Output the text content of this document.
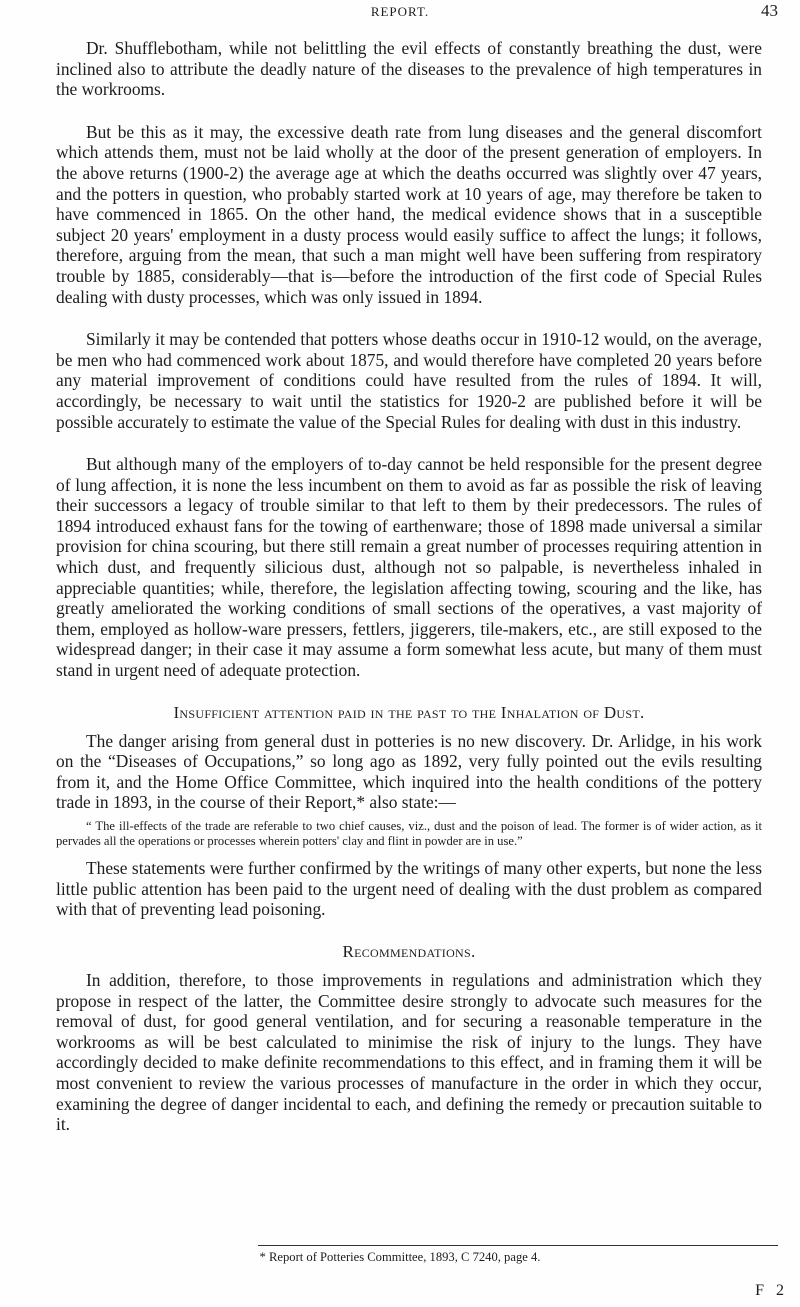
REPORT.	43

Dr. Shufflebotham, while not belittling the evil effects of constantly breathing the dust, were inclined also to attribute the deadly nature of the diseases to the prevalence of high temperatures in the workrooms.

But be this as it may, the excessive death rate from lung diseases and the general discomfort which attends them, must not be laid wholly at the door of the present generation of employers. In the above returns (1900-2) the average age at which the deaths occurred was slightly over 47 years, and the potters in question, who probably started work at 10 years of age, may therefore be taken to have commenced in 1865. On the other hand, the medical evidence shows that in a susceptible subject 20 years' employment in a dusty process would easily suffice to affect the lungs; it follows, therefore, arguing from the mean, that such a man might well have been suffering from respiratory trouble by 1885, considerably—that is—before the introduction of the first code of Special Rules dealing with dusty processes, which was only issued in 1894.

Similarly it may be contended that potters whose deaths occur in 1910-12 would, on the average, be men who had commenced work about 1875, and would therefore have completed 20 years before any material improvement of conditions could have resulted from the rules of 1894. It will, accordingly, be necessary to wait until the statistics for 1920-2 are published before it will be possible accurately to estimate the value of the Special Rules for dealing with dust in this industry.

But although many of the employers of to-day cannot be held responsible for the present degree of lung affection, it is none the less incumbent on them to avoid as far as possible the risk of leaving their successors a legacy of trouble similar to that left to them by their predecessors. The rules of 1894 introduced exhaust fans for the towing of earthenware; those of 1898 made universal a similar provision for china scouring, but there still remain a great number of processes requiring attention in which dust, and frequently silicious dust, although not so palpable, is nevertheless inhaled in appreciable quantities; while, therefore, the legislation affecting towing, scouring and the like, has greatly ameliorated the working conditions of small sections of the operatives, a vast majority of them, employed as hollow-ware pressers, fettlers, jiggerers, tile-makers, etc., are still exposed to the widespread danger; in their case it may assume a form somewhat less acute, but many of them must stand in urgent need of adequate protection.

Insufficient attention paid in the past to the Inhalation of Dust.

The danger arising from general dust in potteries is no new discovery. Dr. Arlidge, in his work on the “Diseases of Occupations,” so long ago as 1892, very fully pointed out the evils resulting from it, and the Home Office Committee, which inquired into the health conditions of the pottery trade in 1893, in the course of their Report,* also state:—

“ The ill-effects of the trade are referable to two chief causes, viz., dust and the poison of lead. The former is of wider action, as it pervades all the operations or processes wherein potters' clay and flint in powder are in use.”

These statements were further confirmed by the writings of many other experts, but none the less little public attention has been paid to the urgent need of dealing with the dust problem as compared with that of preventing lead poisoning.

Recommendations.

In addition, therefore, to those improvements in regulations and administration which they propose in respect of the latter, the Committee desire strongly to advocate such measures for the removal of dust, for good general ventilation, and for securing a reasonable temperature in the workrooms as will be best calculated to minimise the risk of injury to the lungs. They have accordingly decided to make definite recommendations to this effect, and in framing them it will be most convenient to review the various processes of manufacture in the order in which they occur, examining the degree of danger incidental to each, and defining the remedy or precaution suitable to it.

* Report of Potteries Committee, 1893, C 7240, page 4.
F 2
